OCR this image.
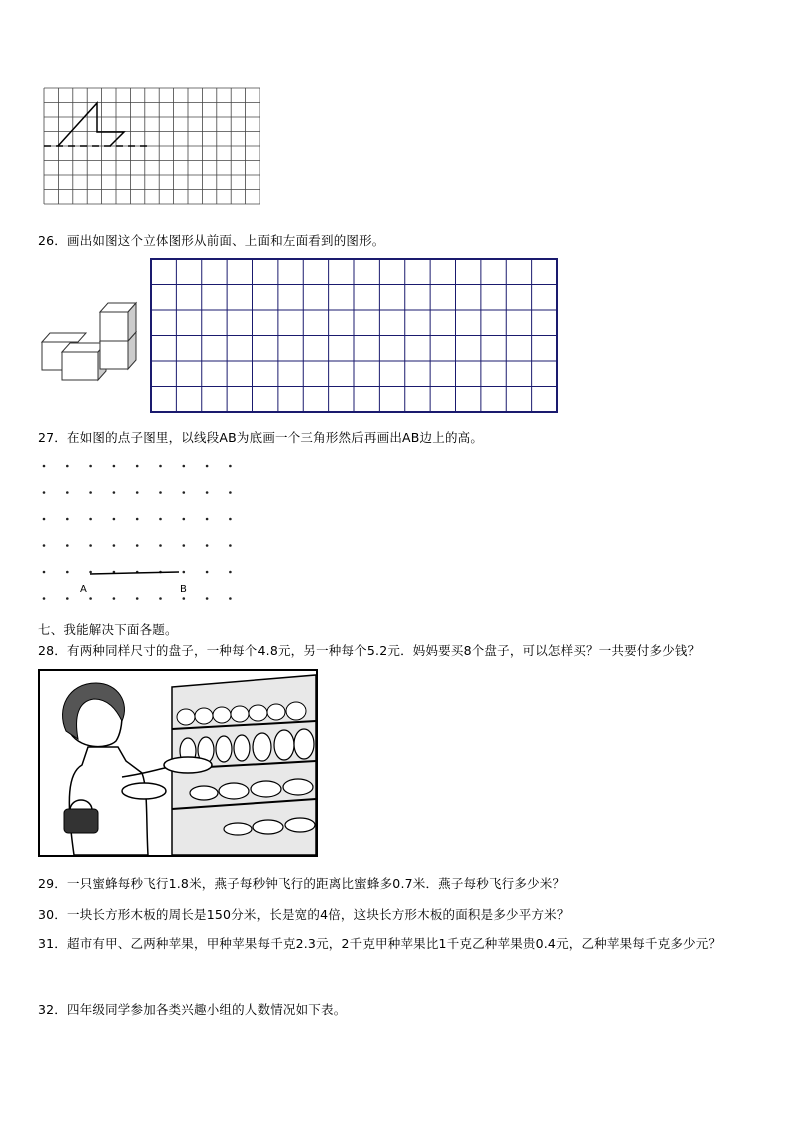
26．画出如图这个立体图形从前面、上面和左面看到的图形。
27．在如图的点子图里，以线段AB为底画一个三角形然后再画出AB边上的高。
A	B
七、我能解决下面各题。
28．有两种同样尺寸的盘子，一种每个4.8元，另一种每个5.2元．妈妈要买8个盘子，可以怎样买？一共要付多少钱？
29．一只蜜蜂每秒飞行1.8米，燕子每秒钟飞行的距离比蜜蜂多0.7米．燕子每秒飞行多少米？
30．一块长方形木板的周长是150分米，长是宽的4倍，这块长方形木板的面积是多少平方米？
31．超市有甲、乙两种苹果，甲种苹果每千克2.3元，2千克甲种苹果比1千克乙种苹果贵0.4元，乙种苹果每千克多少元？
32．四年级同学参加各类兴趣小组的人数情况如下表。
